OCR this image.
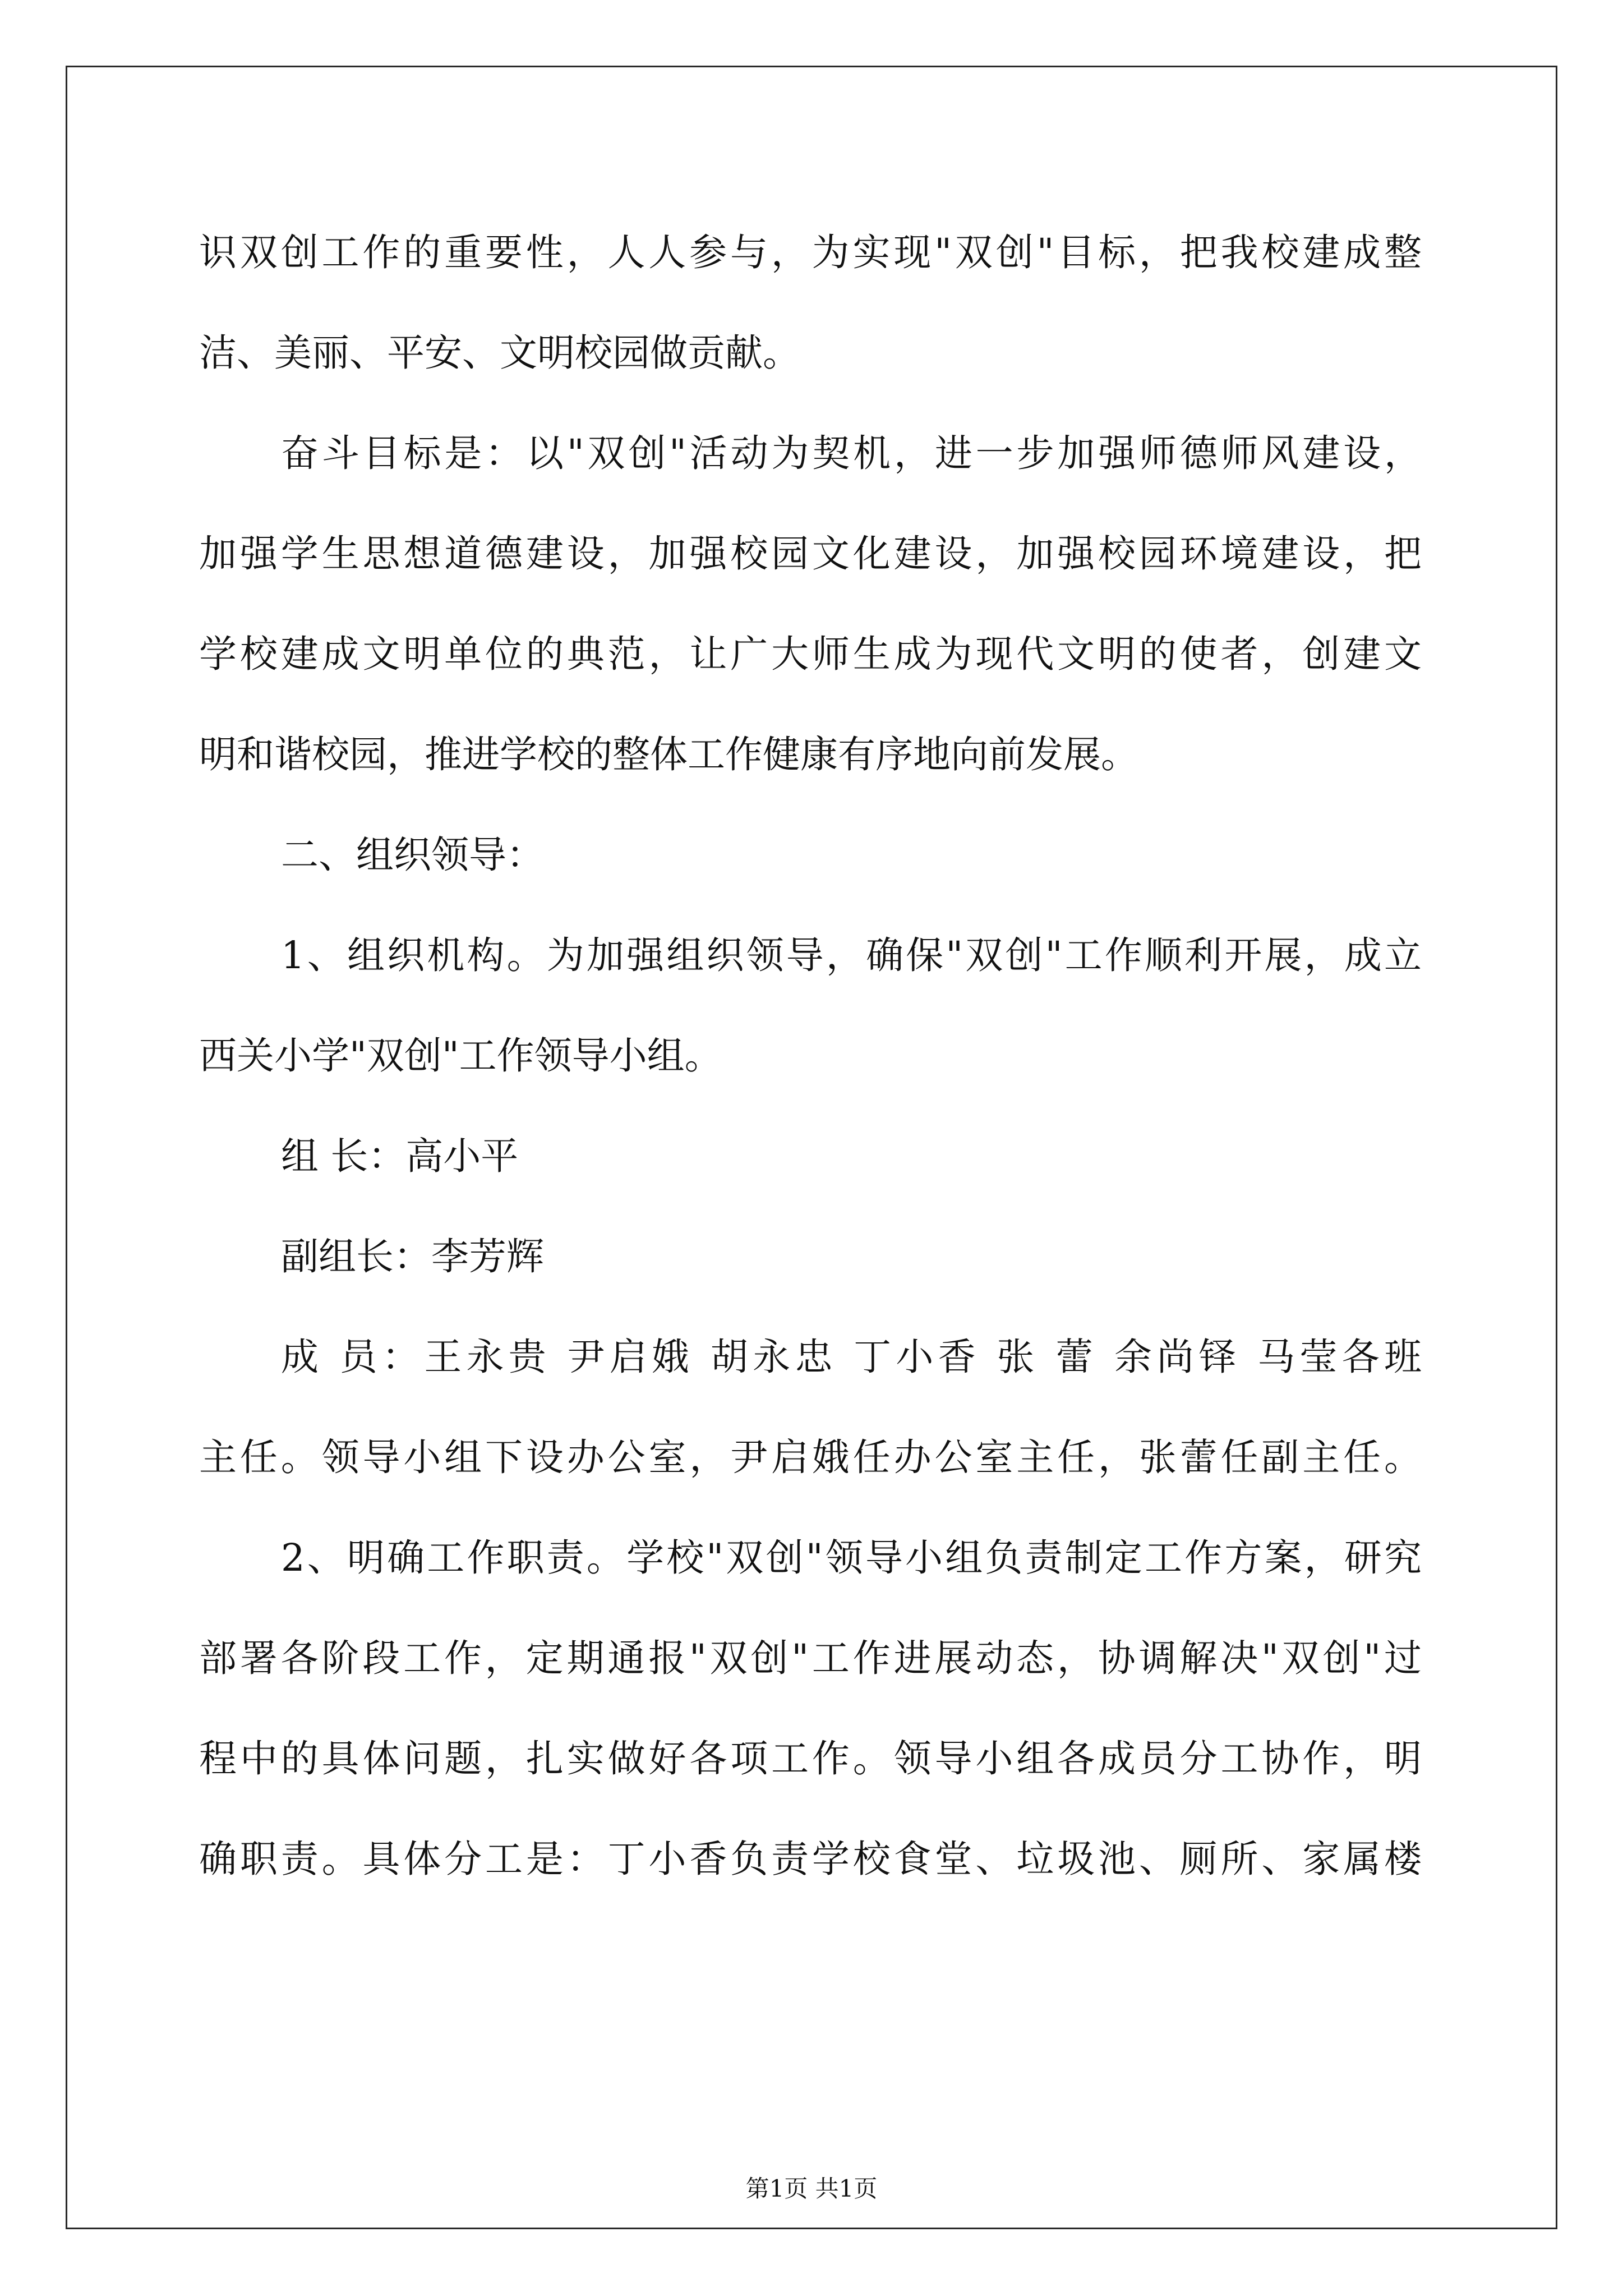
识双创工作的重要性，人人参与，为实现"双创"目标，把我校建成整
洁、美丽、平安、文明校园做贡献。
奋斗目标是：以"双创"活动为契机，进一步加强师德师风建设，
加强学生思想道德建设，加强校园文化建设，加强校园环境建设，把
学校建成文明单位的典范，让广大师生成为现代文明的使者，创建文
明和谐校园，推进学校的整体工作健康有序地向前发展。
二、组织领导：
1、组织机构。为加强组织领导，确保"双创"工作顺利开展，成立
西关小学"双创"工作领导小组。
组 长：高小平
副组长：李芳辉
成 员：王永贵 尹启娥 胡永忠 丁小香 张 蕾 余尚铎 马莹各班
主任。领导小组下设办公室，尹启娥任办公室主任，张蕾任副主任。
2、明确工作职责。学校"双创"领导小组负责制定工作方案，研究
部署各阶段工作，定期通报"双创"工作进展动态，协调解决"双创"过
程中的具体问题，扎实做好各项工作。领导小组各成员分工协作，明
确职责。具体分工是：丁小香负责学校食堂、垃圾池、厕所、家属楼
第1页 共1页
